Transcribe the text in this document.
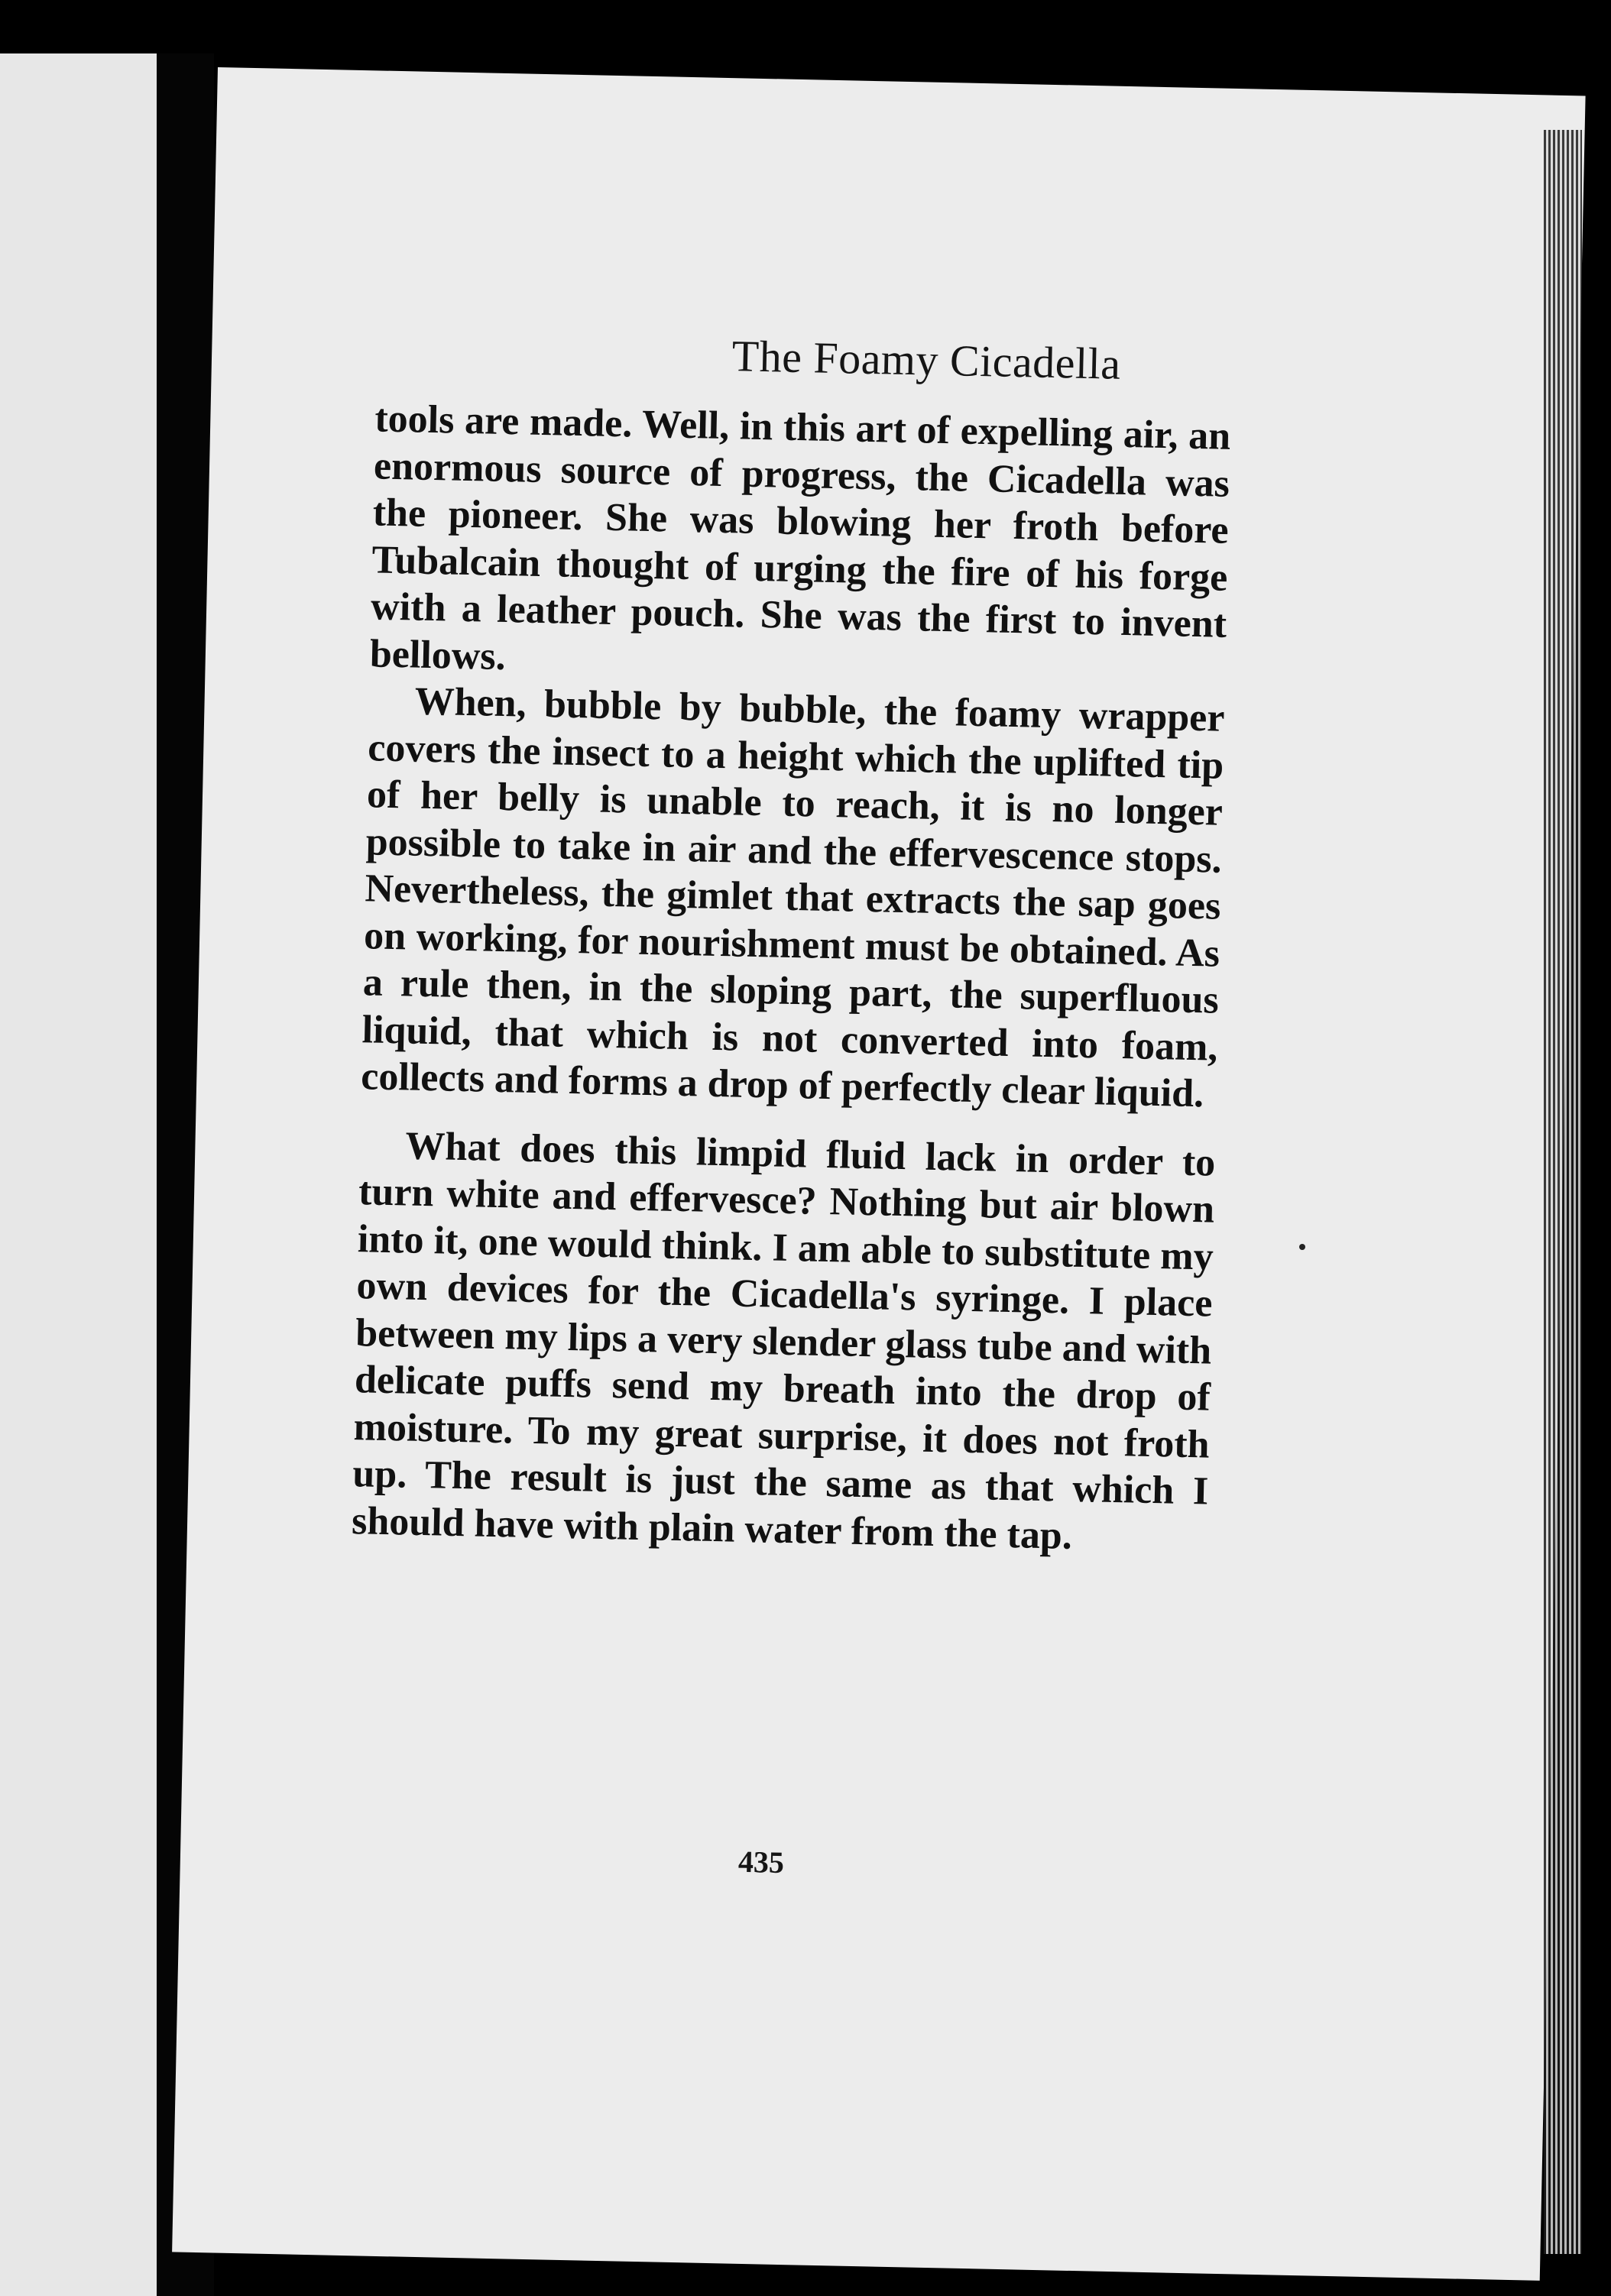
The Foamy Cicadella

tools are made. Well, in this art of expelling air, an enormous source of progress, the Cicadella was the pioneer. She was blowing her froth before Tubalcain thought of urging the fire of his forge with a leather pouch. She was the first to invent bellows.

When, bubble by bubble, the foamy wrapper covers the insect to a height which the uplifted tip of her belly is unable to reach, it is no longer possible to take in air and the effervescence stops. Nevertheless, the gimlet that extracts the sap goes on working, for nourishment must be obtained. As a rule then, in the sloping part, the superfluous liquid, that which is not converted into foam, collects and forms a drop of perfectly clear liquid.

What does this limpid fluid lack in order to turn white and effervesce? Nothing but air blown into it, one would think. I am able to substitute my own devices for the Cicadella's syringe. I place between my lips a very slender glass tube and with delicate puffs send my breath into the drop of moisture. To my great surprise, it does not froth up. The result is just the same as that which I should have with plain water from the tap.

435
